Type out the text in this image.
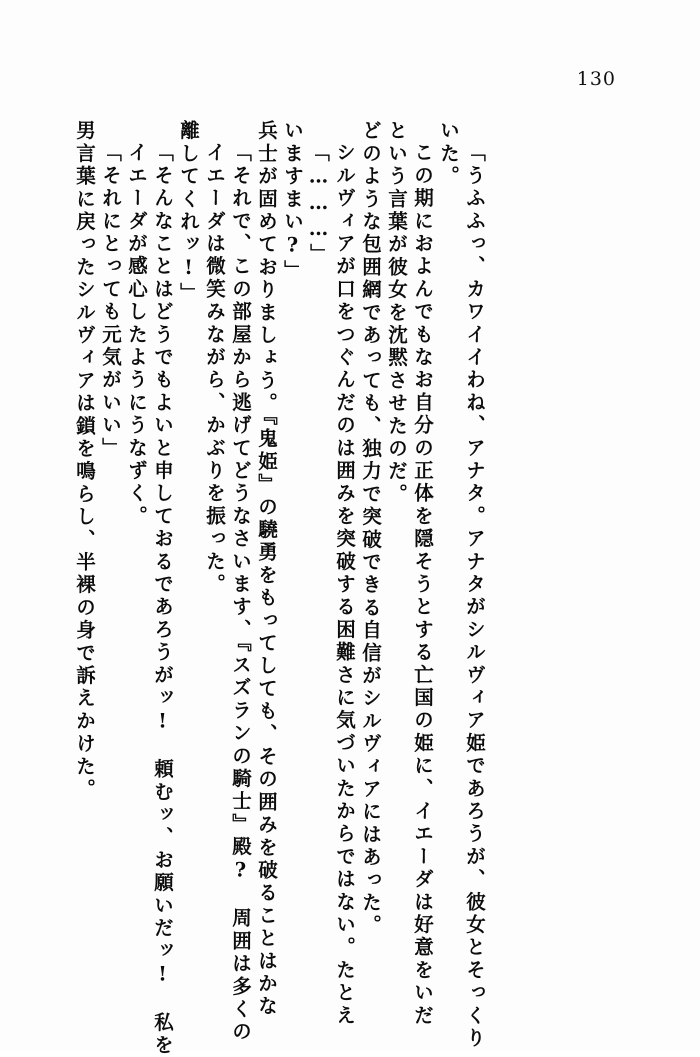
130
男言葉に戻ったシルヴィアは鎖を鳴らし、半裸の身で訴えかけた。 「それにとっても元気がいい」 イエーダが感心したようにうなずく。 「そんなことはどうでもよいと申しておるであろうがッ!　頼むッ、お願いだッ!　私を 離してくれッ!」 イエーダは微笑みながら、かぶりを振った。 「それで、この部屋から逃げてどうなさいます、『スズランの騎士』殿?　周囲は多くの 兵士が固めておりましょう。『鬼姫』の驍勇をもってしても、その囲みを破ることはかな いますまい?」 「………」 シルヴィアが口をつぐんだのは囲みを突破する困難さに気づいたからではない。たとえ どのような包囲網であっても、独力で突破できる自信がシルヴィアにはあった。 という言葉が彼女を沈黙させたのだ。 この期におよんでもなお自分の正体を隠そうとする亡国の姫に、イエーダは好意をいだ いた。 「うふふっ、カワイイわね、アナタ。アナタがシルヴィア姫であろうが、彼女とそっくり
